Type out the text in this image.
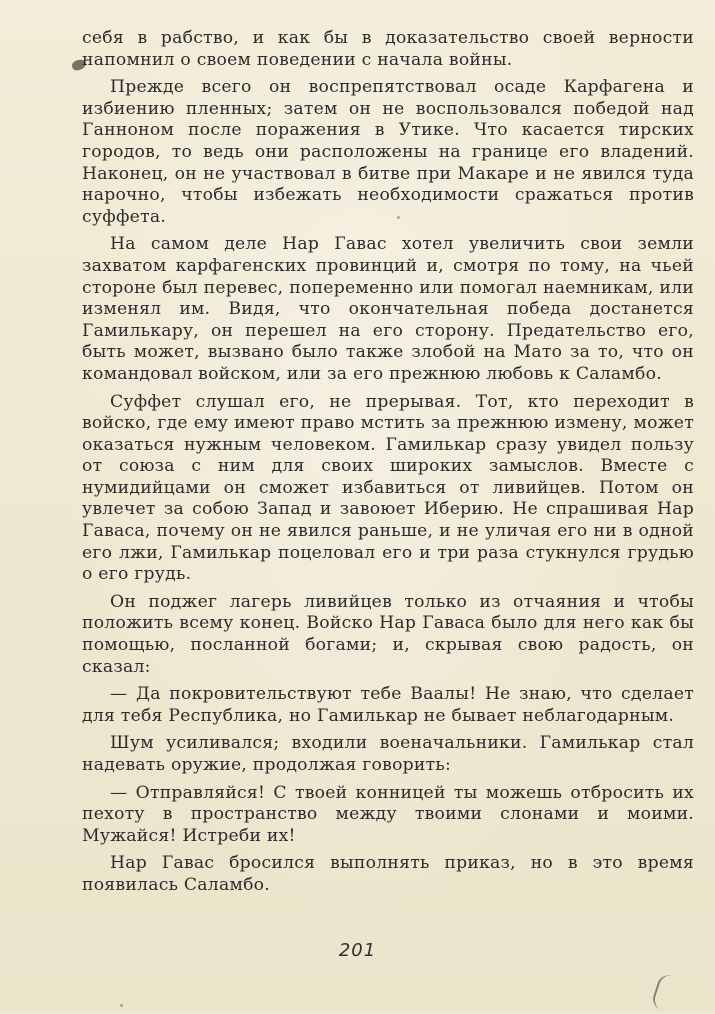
себя в рабство, и как бы в доказательство своей верности напомнил о своем поведении с начала войны.

Прежде всего он воспрепятствовал осаде Карфагена и избиению пленных; затем он не воспользовался победой над Ганноном после поражения в Утике. Что касается тирских городов, то ведь они расположены на границе его владений. Наконец, он не участвовал в битве при Макаре и не явился туда нарочно, чтобы избежать необходимости сражаться против суффета.

На самом деле Нар Гавас хотел увеличить свои земли захватом карфагенских провинций и, смотря по тому, на чьей стороне был перевес, попеременно или помогал наемникам, или изменял им. Видя, что окончательная победа достанется Гамилькару, он перешел на его сторону. Предательство его, быть может, вызвано было также злобой на Мато за то, что он командовал войском, или за его прежнюю любовь к Саламбо.

Суффет слушал его, не прерывая. Тот, кто переходит в войско, где ему имеют право мстить за прежнюю измену, может оказаться нужным человеком. Гамилькар сразу увидел пользу от союза с ним для своих широких замыслов. Вместе с нумидийцами он сможет избавиться от ливийцев. Потом он увлечет за собою Запад и завоюет Иберию. Не спрашивая Нар Гаваса, почему он не явился раньше, и не уличая его ни в одной его лжи, Гамилькар поцеловал его и три раза стукнулся грудью о его грудь.

Он поджег лагерь ливийцев только из отчаяния и чтобы положить всему конец. Войско Нар Гаваса было для него как бы помощью, посланной богами; и, скрывая свою радость, он сказал:

— Да покровительствуют тебе Ваалы! Не знаю, что сделает для тебя Республика, но Гамилькар не бывает неблагодарным.

Шум усиливался; входили военачальники. Гамилькар стал надевать оружие, продолжая говорить:

— Отправляйся! С твоей конницей ты можешь отбросить их пехоту в пространство между твоими слонами и моими. Мужайся! Истреби их!

Нар Гавас бросился выполнять приказ, но в это время появилась Саламбо.

201
